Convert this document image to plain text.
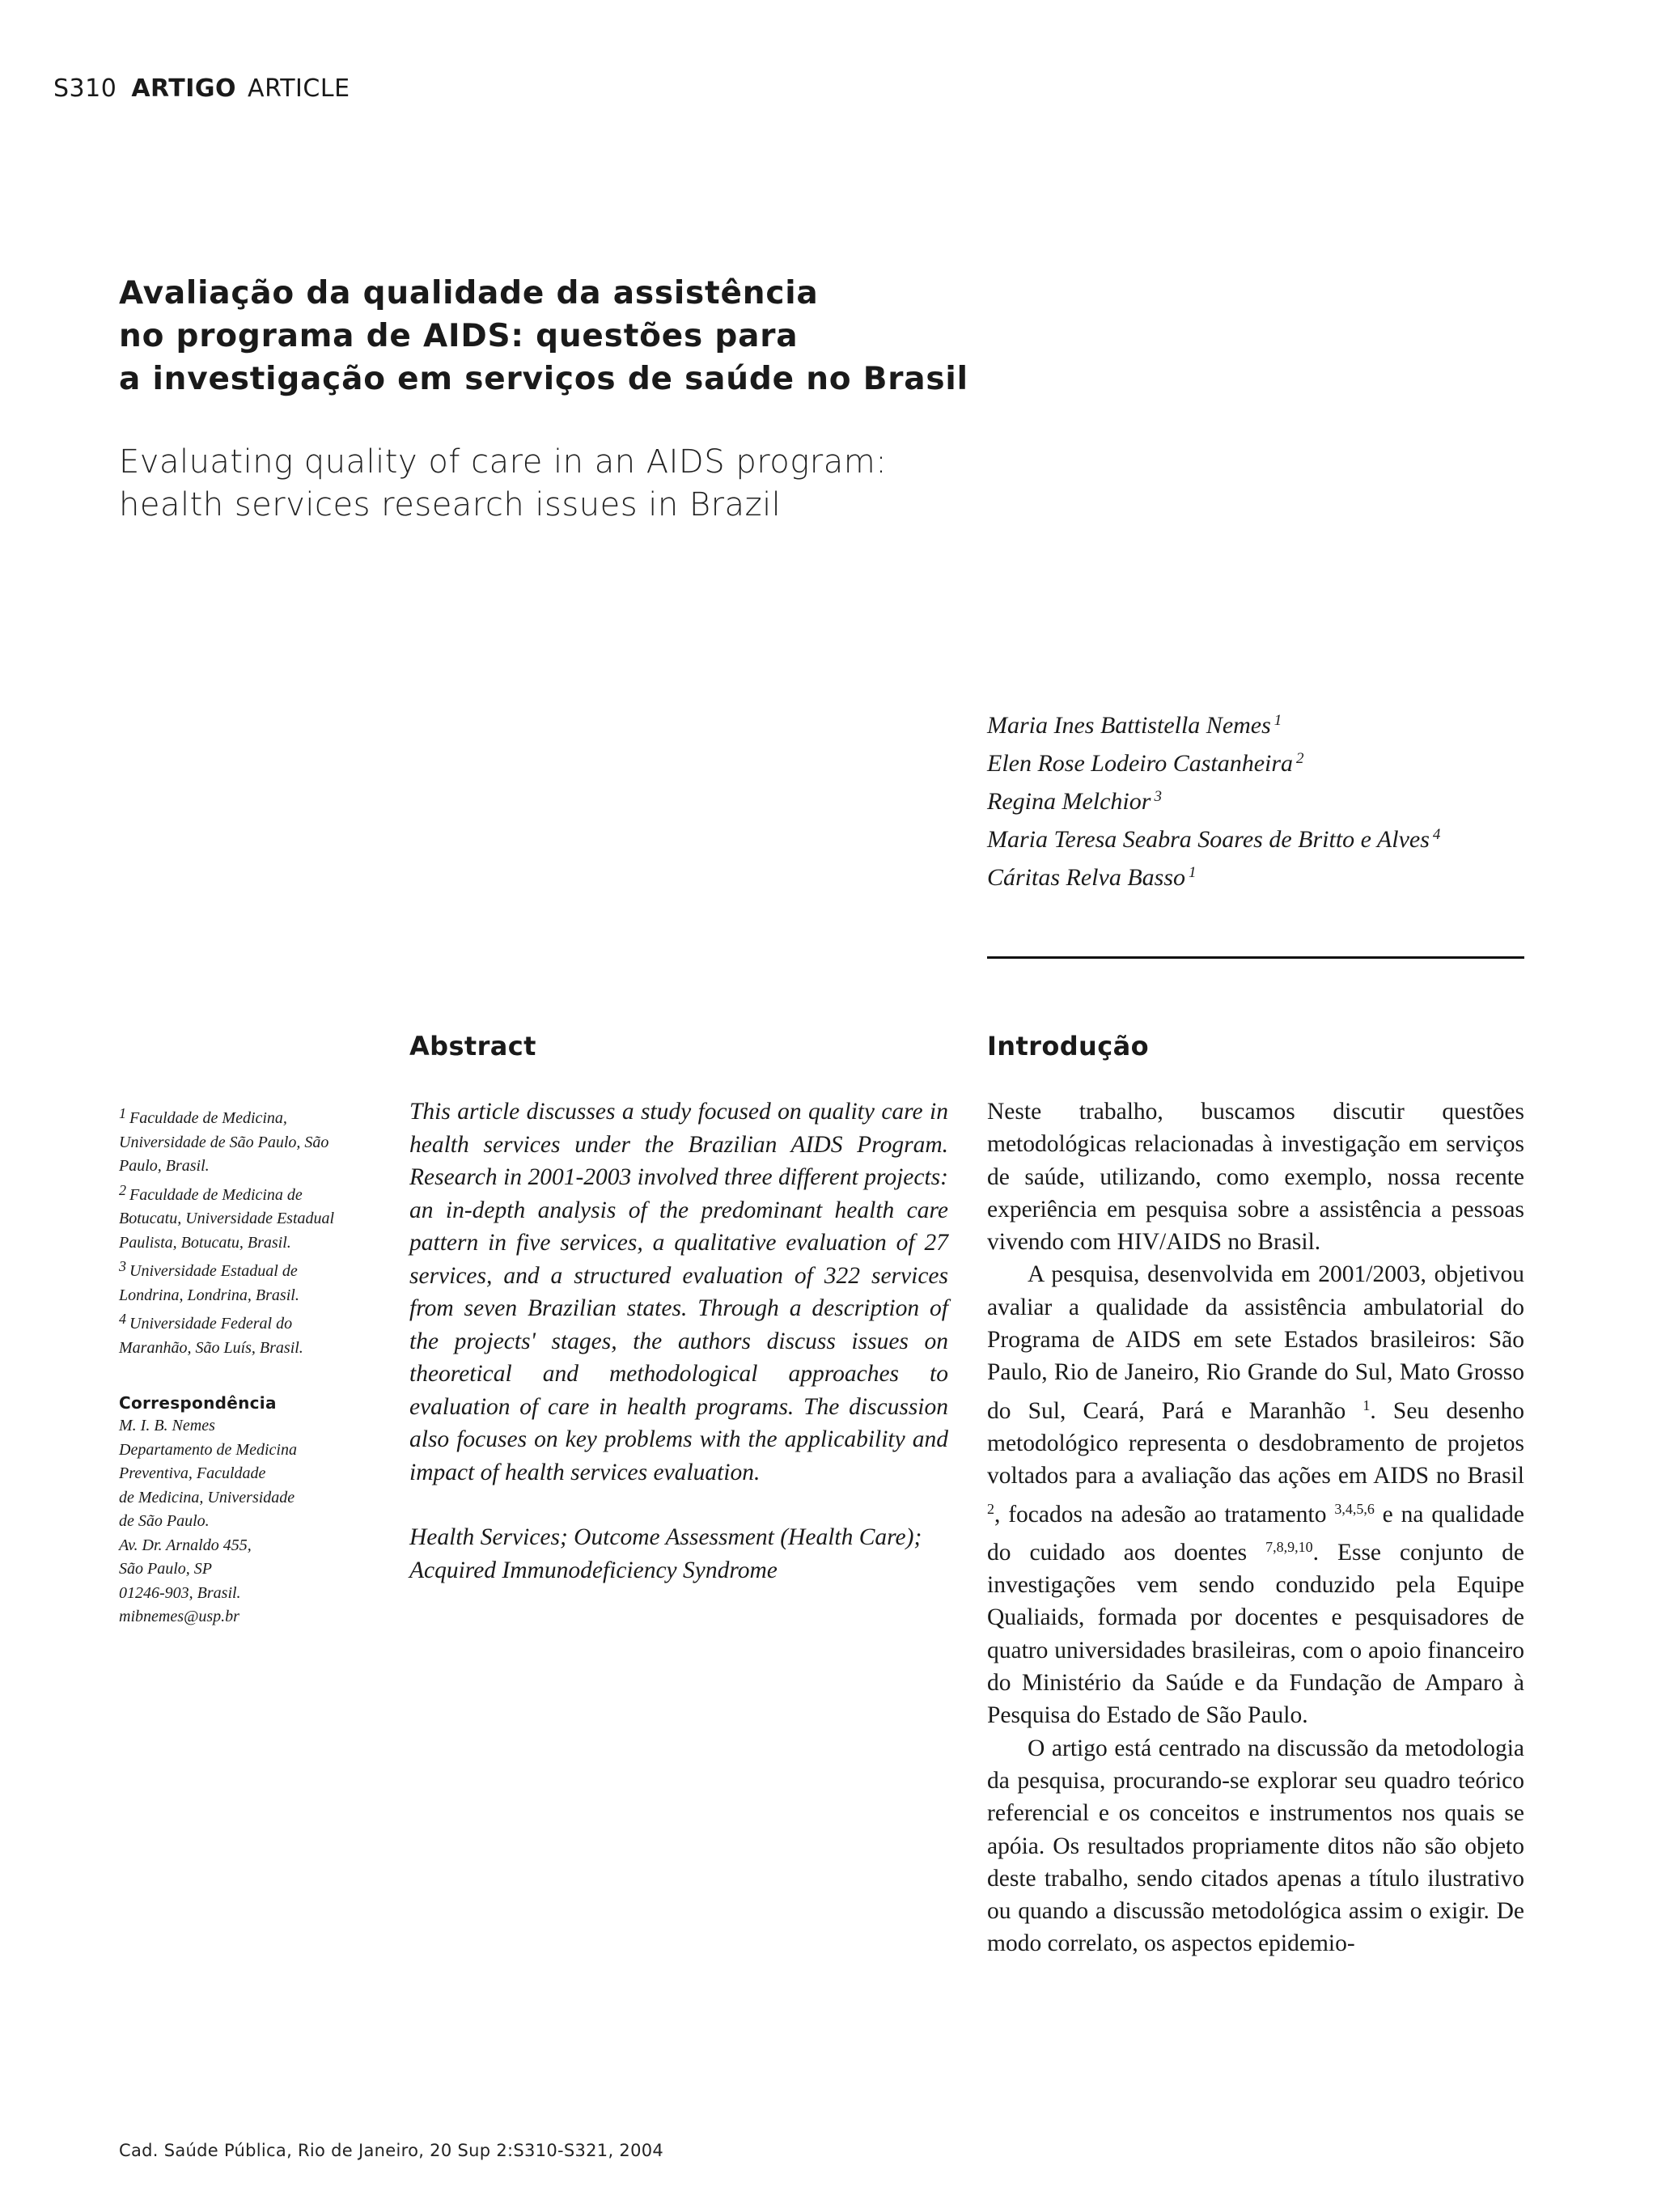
S310 ARTIGO ARTICLE
Avaliação da qualidade da assistência
no programa de AIDS: questões para
a investigação em serviços de saúde no Brasil
Evaluating quality of care in an AIDS program:
health services research issues in Brazil
Maria Ines Battistella Nemes $^1$
Elen Rose Lodeiro Castanheira $^2$
Regina Melchior $^3$
Maria Teresa Seabra Soares de Britto e Alves $^4$
Cáritas Relva Basso $^1$
Abstract	Introdução
$^1$ Faculdade de Medicina, Universidade de São Paulo, São Paulo, Brasil.
$^2$ Faculdade de Medicina de Botucatu, Universidade Estadual Paulista, Botucatu, Brasil.
$^3$ Universidade Estadual de Londrina, Londrina, Brasil.
$^4$ Universidade Federal do Maranhão, São Luís, Brasil.
Correspondência
M. I. B. Nemes
Departamento de Medicina
Preventiva, Faculdade
de Medicina, Universidade
de São Paulo.
Av. Dr. Arnaldo 455,
São Paulo, SP
01246-903, Brasil.
mibnemes@usp.br

This article discusses a study focused on quality care in health services under the Brazilian AIDS Program. Research in 2001-2003 involved three different projects: an in-depth analysis of the predominant health care pattern in five services, a qualitative evaluation of 27 services, and a structured evaluation of 322 services from seven Brazilian states. Through a description of the projects' stages, the authors discuss issues on theoretical and methodological approaches to evaluation of care in health programs. The discussion also focuses on key problems with the applicability and impact of health services evaluation.

Health Services; Outcome Assessment (Health Care); Acquired Immunodeficiency Syndrome

Neste trabalho, buscamos discutir questões metodológicas relacionadas à investigação em serviços de saúde, utilizando, como exemplo, nossa recente experiência em pesquisa sobre a assistência a pessoas vivendo com HIV/AIDS no Brasil.

A pesquisa, desenvolvida em 2001/2003, objetivou avaliar a qualidade da assistência ambulatorial do Programa de AIDS em sete Estados brasileiros: São Paulo, Rio de Janeiro, Rio Grande do Sul, Mato Grosso do Sul, Ceará, Pará e Maranhão $^1$. Seu desenho metodológico representa o desdobramento de projetos voltados para a avaliação das ações em AIDS no Brasil $^2$, focados na adesão ao tratamento $^{3,4,5,6}$ e na qualidade do cuidado aos doentes $^{7,8,9,10}$. Esse conjunto de investigações vem sendo conduzido pela Equipe Qualiaids, formada por docentes e pesquisadores de quatro universidades brasileiras, com o apoio financeiro do Ministério da Saúde e da Fundação de Amparo à Pesquisa do Estado de São Paulo.

O artigo está centrado na discussão da metodologia da pesquisa, procurando-se explorar seu quadro teórico referencial e os conceitos e instrumentos nos quais se apóia. Os resultados propriamente ditos não são objeto deste trabalho, sendo citados apenas a título ilustrativo ou quando a discussão metodológica assim o exigir. De modo correlato, os aspectos epidemio-

Cad. Saúde Pública, Rio de Janeiro, 20 Sup 2:S310-S321, 2004
